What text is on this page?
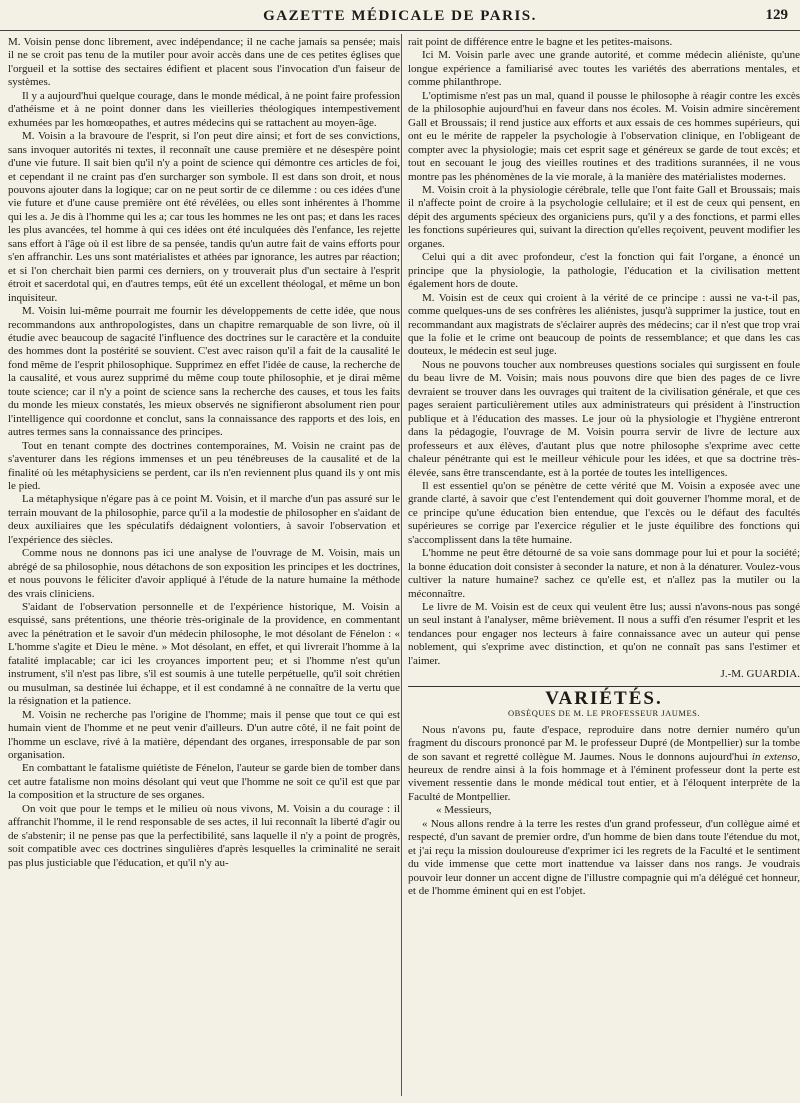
GAZETTE MÉDICALE DE PARIS.	129

M. Voisin pense donc librement, avec indépendance; il ne cache jamais sa pensée; mais il ne se croit pas tenu de la mutiler pour avoir accès dans une de ces petites églises que l'orgueil et la sottise des sectaires édifient et placent sous l'invocation d'un faiseur de systèmes.

Il y a aujourd'hui quelque courage, dans le monde médical, à ne point faire profession d'athéisme et à ne point donner dans les vieilleries théologiques intempestivement exhumées par les homœopathes, et autres médecins qui se rattachent au moyen-âge.

M. Voisin a la bravoure de l'esprit, si l'on peut dire ainsi; et fort de ses convictions, sans invoquer autorités ni textes, il reconnaît une cause première et ne désespère point d'une vie future. Il sait bien qu'il n'y a point de science qui démontre ces articles de foi, et cependant il ne craint pas d'en surcharger son symbole. Il est dans son droit, et nous pouvons ajouter dans la logique; car on ne peut sortir de ce dilemme : ou ces idées d'une vie future et d'une cause première ont été révélées, ou elles sont inhérentes à l'homme qui les a. Je dis à l'homme qui les a; car tous les hommes ne les ont pas; et dans les races les plus avancées, tel homme à qui ces idées ont été inculquées dès l'enfance, les rejette sans effort à l'âge où il est libre de sa pensée, tandis qu'un autre fait de vains efforts pour s'en affranchir. Les uns sont matérialistes et athées par ignorance, les autres par réaction; et si l'on cherchait bien parmi ces derniers, on y trouverait plus d'un sectaire à l'esprit étroit et sacerdotal qui, en d'autres temps, eût été un excellent théologal, et même un bon inquisiteur.

M. Voisin lui-même pourrait me fournir les développements de cette idée, que nous recommandons aux anthropologistes, dans un chapitre remarquable de son livre, où il étudie avec beaucoup de sagacité l'influence des doctrines sur le caractère et la conduite des hommes dont la postérité se souvient. C'est avec raison qu'il a fait de la causalité le fond même de l'esprit philosophique. Supprimez en effet l'idée de cause, la recherche de la causalité, et vous aurez supprimé du même coup toute philosophie, et je dirai même toute science; car il n'y a point de science sans la recherche des causes, et tous les faits du monde les mieux constatés, les mieux observés ne signifieront absolument rien pour l'intelligence qui coordonne et conclut, sans la connaissance des rapports et des lois, en autres termes sans la connaissance des principes.

Tout en tenant compte des doctrines contemporaines, M. Voisin ne craint pas de s'aventurer dans les régions immenses et un peu ténébreuses de la causalité et de la finalité où les métaphysiciens se perdent, car ils n'en reviennent plus quand ils y ont mis le pied.

La métaphysique n'égare pas à ce point M. Voisin, et il marche d'un pas assuré sur le terrain mouvant de la philosophie, parce qu'il a la modestie de philosopher en s'aidant de deux auxiliaires que les spéculatifs dédaignent volontiers, à savoir l'observation et l'expérience des siècles.

Comme nous ne donnons pas ici une analyse de l'ouvrage de M. Voisin, mais un abrégé de sa philosophie, nous détachons de son exposition les principes et les doctrines, et nous pouvons le féliciter d'avoir appliqué à l'étude de la nature humaine la méthode des vrais cliniciens.

S'aidant de l'observation personnelle et de l'expérience historique, M. Voisin a esquissé, sans prétentions, une théorie très-originale de la providence, en commentant avec la pénétration et le savoir d'un médecin philosophe, le mot désolant de Fénelon : « L'homme s'agite et Dieu le mène. » Mot désolant, en effet, et qui livrerait l'homme à la fatalité implacable; car ici les croyances importent peu; et si l'homme n'est qu'un instrument, s'il n'est pas libre, s'il est soumis à une tutelle perpétuelle, qu'il soit chrétien ou musulman, sa destinée lui échappe, et il est condamné à ne connaître de la vertu que la résignation et la patience.

M. Voisin ne recherche pas l'origine de l'homme; mais il pense que tout ce qui est humain vient de l'homme et ne peut venir d'ailleurs. D'un autre côté, il ne fait point de l'homme un esclave, rivé à la matière, dépendant des organes, irresponsable de par son organisation.

En combattant le fatalisme quiétiste de Fénelon, l'auteur se garde bien de tomber dans cet autre fatalisme non moins désolant qui veut que l'homme ne soit ce qu'il est que par la composition et la structure de ses organes.

On voit que pour le temps et le milieu où nous vivons, M. Voisin a du courage : il affranchit l'homme, il le rend responsable de ses actes, il lui reconnaît la liberté d'agir ou de s'abstenir; il ne pense pas que la perfectibilité, sans laquelle il n'y a point de progrès, soit compatible avec ces doctrines singulières d'après lesquelles la criminalité ne serait pas plus justiciable que l'éducation, et qu'il n'y au-

rait point de différence entre le bagne et les petites-maisons.

Ici M. Voisin parle avec une grande autorité, et comme médecin aliéniste, qu'une longue expérience a familiarisé avec toutes les variétés des aberrations mentales, et comme philanthrope.

L'optimisme n'est pas un mal, quand il pousse le philosophe à réagir contre les excès de la philosophie aujourd'hui en faveur dans nos écoles. M. Voisin admire sincèrement Gall et Broussais; il rend justice aux efforts et aux essais de ces hommes supérieurs, qui ont eu le mérite de rappeler la psychologie à l'observation clinique, en l'obligeant de compter avec la physiologie; mais cet esprit sage et généreux se garde de tout excès; et tout en secouant le joug des vieilles routines et des traditions surannées, il ne vous montre pas les phénomènes de la vie morale, à la manière des matérialistes modernes.

M. Voisin croit à la physiologie cérébrale, telle que l'ont faite Gall et Broussais; mais il n'affecte point de croire à la psychologie cellulaire; et il est de ceux qui pensent, en dépit des arguments spécieux des organiciens purs, qu'il y a des fonctions, et parmi elles les fonctions supérieures qui, suivant la direction qu'elles reçoivent, peuvent modifier les organes.

Celui qui a dit avec profondeur, c'est la fonction qui fait l'organe, a énoncé un principe que la physiologie, la pathologie, l'éducation et la civilisation mettent également hors de doute.

M. Voisin est de ceux qui croient à la vérité de ce principe : aussi ne va-t-il pas, comme quelques-uns de ses confrères les aliénistes, jusqu'à supprimer la justice, tout en recommandant aux magistrats de s'éclairer auprès des médecins; car il n'est que trop vrai que la folie et le crime ont beaucoup de points de ressemblance; et que dans les cas douteux, le médecin est seul juge.

Nous ne pouvons toucher aux nombreuses questions sociales qui surgissent en foule du beau livre de M. Voisin; mais nous pouvons dire que bien des pages de ce livre devraient se trouver dans les ouvrages qui traitent de la civilisation générale, et que ces pages seraient particulièrement utiles aux administrateurs qui président à l'instruction publique et à l'éducation des masses. Le jour où la physiologie et l'hygiène entreront dans la pédagogie, l'ouvrage de M. Voisin pourra servir de livre de lecture aux professeurs et aux élèves, d'autant plus que notre philosophe s'exprime avec cette chaleur pénétrante qui est le meilleur véhicule pour les idées, et que sa doctrine très-élevée, sans être transcendante, est à la portée de toutes les intelligences.

Il est essentiel qu'on se pénètre de cette vérité que M. Voisin a exposée avec une grande clarté, à savoir que c'est l'entendement qui doit gouverner l'homme moral, et de ce principe qu'une éducation bien entendue, que l'excès ou le défaut des facultés supérieures se corrige par l'exercice régulier et le juste équilibre des fonctions qui s'accomplissent dans la tête humaine.

L'homme ne peut être détourné de sa voie sans dommage pour lui et pour la société; la bonne éducation doit consister à seconder la nature, et non à la dénaturer. Voulez-vous cultiver la nature humaine? sachez ce qu'elle est, et n'allez pas la mutiler ou la méconnaître.

Le livre de M. Voisin est de ceux qui veulent être lus; aussi n'avons-nous pas songé un seul instant à l'analyser, même brièvement. Il nous a suffi d'en résumer l'esprit et les tendances pour engager nos lecteurs à faire connaissance avec un auteur qui pense noblement, qui s'exprime avec distinction, et qu'on ne connaît pas sans l'estimer et l'aimer.

J.-M. GUARDIA.

VARIÉTÉS.
OBSÈQUES DE M. LE PROFESSEUR JAUMES.

Nous n'avons pu, faute d'espace, reproduire dans notre dernier numéro qu'un fragment du discours prononcé par M. le professeur Dupré (de Montpellier) sur la tombe de son savant et regretté collègue M. Jaumes. Nous le donnons aujourd'hui in extenso, heureux de rendre ainsi à la fois hommage et à l'éminent professeur dont la perte est vivement ressentie dans le monde médical tout entier, et à l'éloquent interprète de la Faculté de Montpellier.

« Messieurs,

« Nous allons rendre à la terre les restes d'un grand professeur, d'un collègue aimé et respecté, d'un savant de premier ordre, d'un homme de bien dans toute l'étendue du mot, et j'ai reçu la mission douloureuse d'exprimer ici les regrets de la Faculté et le sentiment du vide immense que cette mort inattendue va laisser dans nos rangs. Je voudrais pouvoir leur donner un accent digne de l'illustre compagnie qui m'a délégué cet honneur, et de l'homme éminent qui en est l'objet.
